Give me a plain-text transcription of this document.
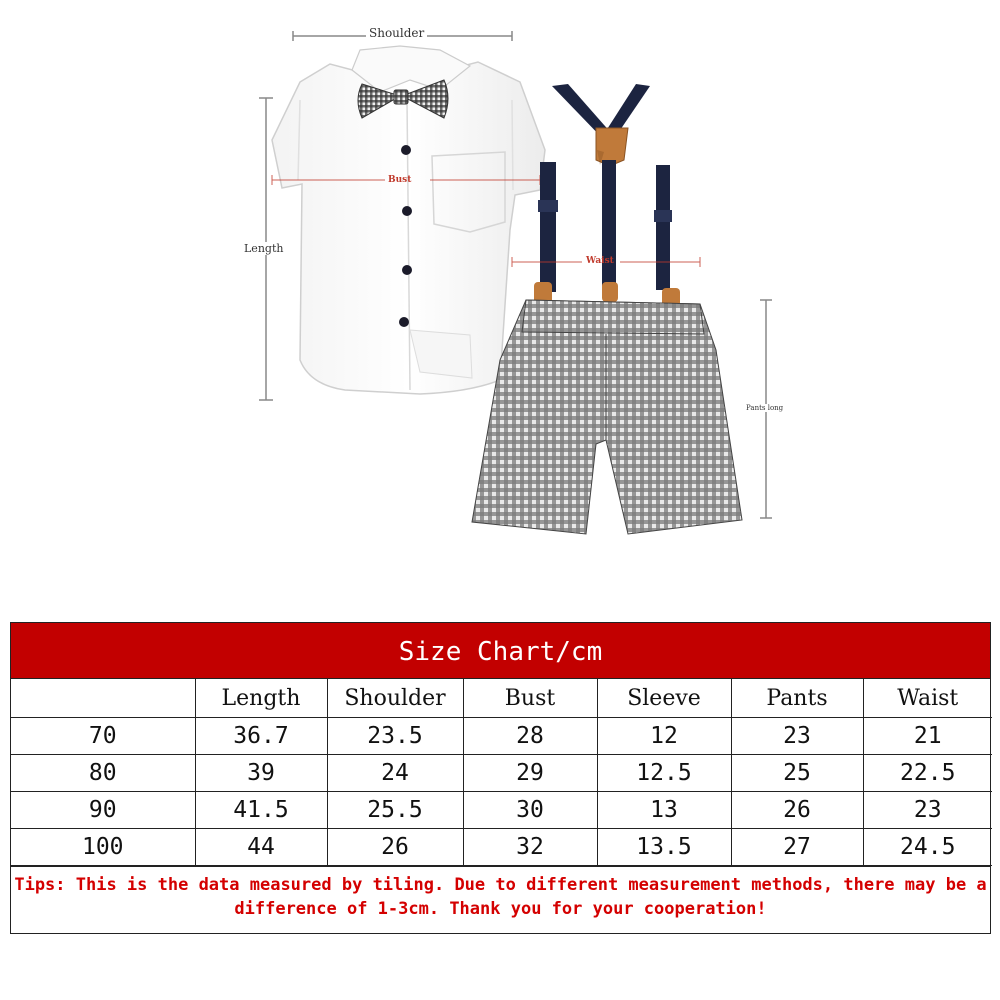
Shoulder
Length
Bust
Waist
Pants long
Size Chart/cm
	Length	Shoulder	Bust	Sleeve	Pants	Waist
70	36.7	23.5	28	12	23	21
80	39	24	29	12.5	25	22.5
90	41.5	25.5	30	13	26	23
100	44	26	32	13.5	27	24.5
Tips: This is the data measured by tiling. Due to different measurement methods, there may be a difference of 1-3cm. Thank you for your cooperation!
